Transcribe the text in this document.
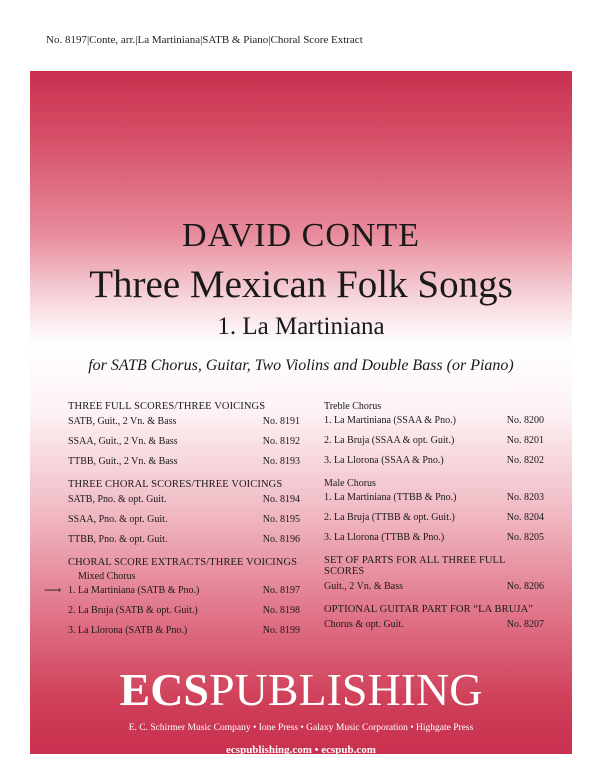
No. 8197|Conte, arr.|La Martiniana|SATB & Piano|Choral Score Extract
DAVID CONTE
Three Mexican Folk Songs
1. La Martiniana
for SATB Chorus, Guitar, Two Violins and Double Bass (or Piano)
THREE FULL SCORES/THREE VOICINGS
SATB, Guit., 2 Vn. & Bass	No. 8191
SSAA, Guit., 2 Vn. & Bass	No. 8192
TTBB, Guit., 2 Vn. & Bass	No. 8193
THREE CHORAL SCORES/THREE VOICINGS
SATB, Pno. & opt. Guit.	No. 8194
SSAA, Pno. & opt. Guit.	No. 8195
TTBB, Pno. & opt. Guit.	No. 8196
CHORAL SCORE EXTRACTS/THREE VOICINGS
Mixed Chorus
⟶ 1. La Martiniana (SATB & Pno.)	No. 8197
2. La Bruja (SATB & opt. Guit.)	No. 8198
3. La Llorona (SATB & Pno.)	No. 8199
Treble Chorus
1. La Martiniana (SSAA & Pno.)	No. 8200
2. La Bruja (SSAA & opt. Guit.)	No. 8201
3. La Llorona (SSAA & Pno.)	No. 8202
Male Chorus
1. La Martiniana (TTBB & Pno.)	No. 8203
2. La Bruja (TTBB & opt. Guit.)	No. 8204
3. La Llorona (TTBB & Pno.)	No. 8205
SET OF PARTS FOR ALL THREE FULL SCORES
Guit., 2 Vn. & Bass	No. 8206
OPTIONAL GUITAR PART FOR “LA BRUJA”
Chorus & opt. Guit.	No. 8207
ECSPUBLISHING
E. C. Schirmer Music Company • Ione Press • Galaxy Music Corporation • Highgate Press
ecspublishing.com • ecspub.com
